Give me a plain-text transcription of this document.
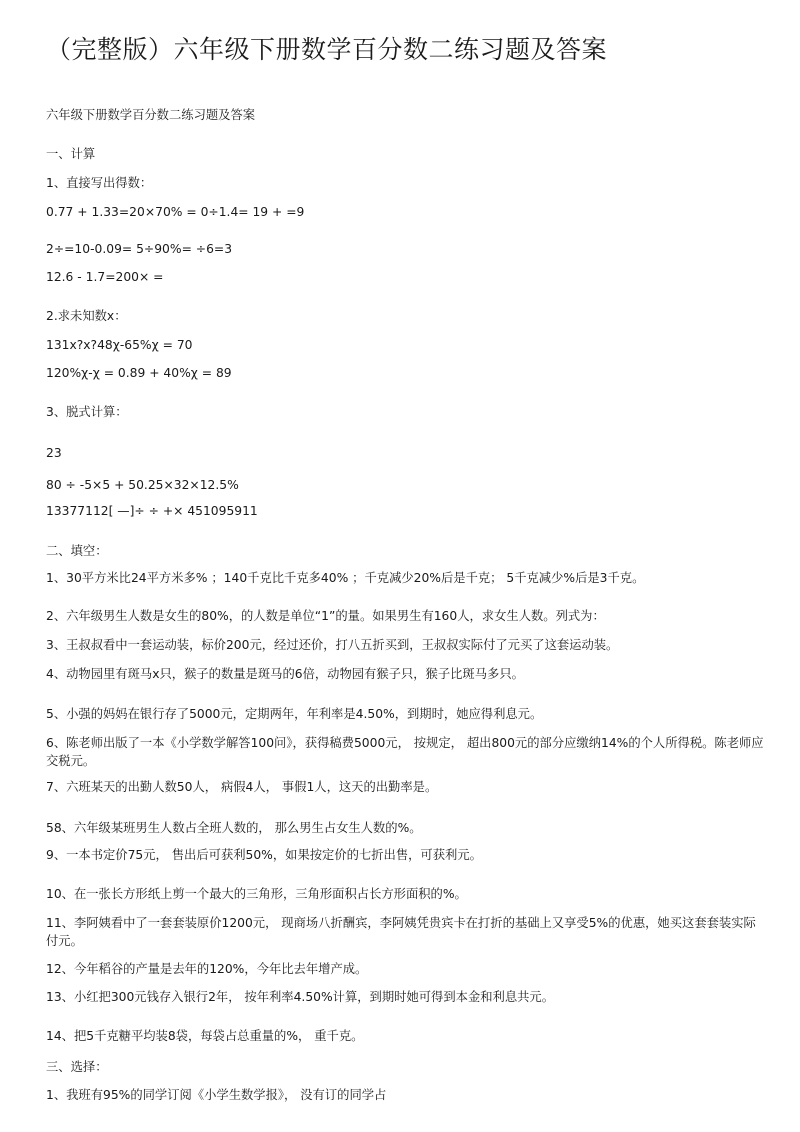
（完整版）六年级下册数学百分数二练习题及答案
六年级下册数学百分数二练习题及答案
一、计算
1、直接写出得数：
0.77 + 1.33=20×70% = 0÷1.4= 19 + =9
2÷=10-0.09= 5÷90%= ÷6=3
12.6 - 1.7=200× =
2.求未知数x：
131x?x?48χ-65%χ = 70
120%χ-χ = 0.89 + 40%χ = 89
3、脱式计算：
23
80 ÷ -5×5 + 50.25×32×12.5%
13377112[ —]÷ ÷ +× 451095911
二、填空：
1、30平方米比24平方米多% ；140千克比千克多40% ；千克减少20%后是千克； 5千克减少%后是3千克。
2、六年级男生人数是女生的80%，的人数是单位“1”的量。如果男生有160人，求女生人数。列式为：
3、王叔叔看中一套运动装，标价200元，经过还价，打八五折买到，王叔叔实际付了元买了这套运动装。
4、动物园里有斑马x只，猴子的数量是斑马的6倍，动物园有猴子只，猴子比斑马多只。
5、小强的妈妈在银行存了5000元，定期两年，年利率是4.50%，到期时，她应得利息元。
6、陈老师出版了一本《小学数学解答100问》，获得稿费5000元， 按规定， 超出800元的部分应缴纳14%的个人所得税。陈老师应交税元。
7、六班某天的出勤人数50人， 病假4人， 事假1人，这天的出勤率是。
58、六年级某班男生人数占全班人数的， 那么男生占女生人数的%。
9、一本书定价75元， 售出后可获利50%，如果按定价的七折出售，可获利元。
10、在一张长方形纸上剪一个最大的三角形，三角形面积占长方形面积的%。
11、李阿姨看中了一套套装原价1200元， 现商场八折酬宾，李阿姨凭贵宾卡在打折的基础上又享受5%的优惠，她买这套套装实际付元。
12、今年稻谷的产量是去年的120%，今年比去年增产成。
13、小红把300元钱存入银行2年， 按年利率4.50%计算，到期时她可得到本金和利息共元。
14、把5千克糖平均装8袋，每袋占总重量的%， 重千克。
三、选择：
1、我班有95%的同学订阅《小学生数学报》， 没有订的同学占
